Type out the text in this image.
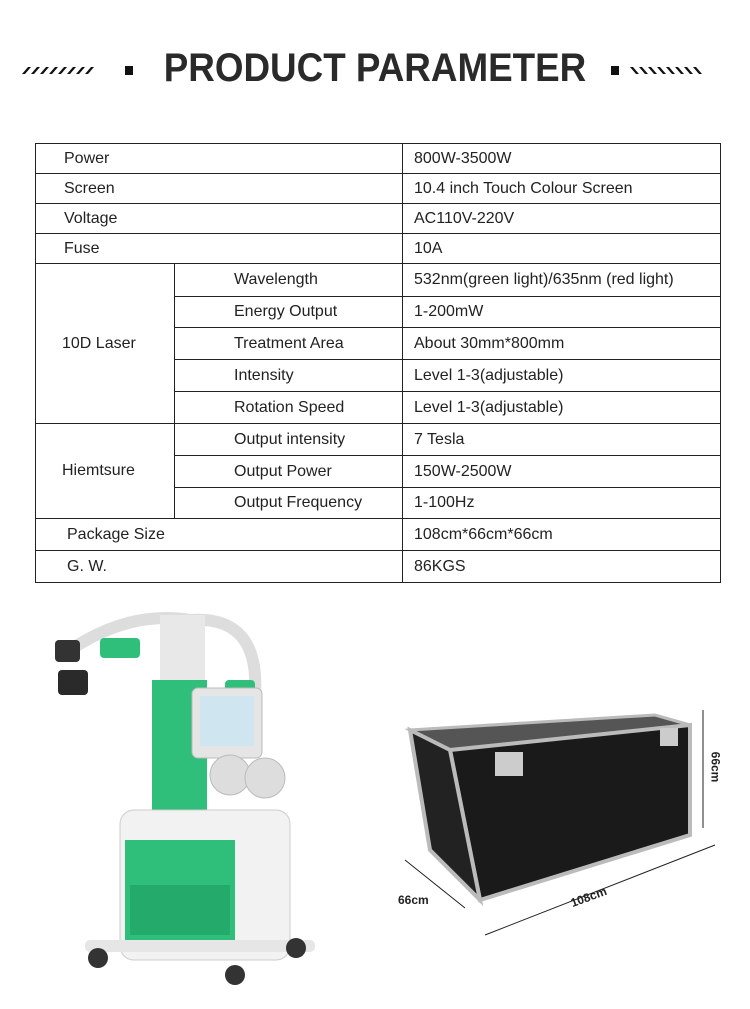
PRODUCT PARAMETER
Power		800W-3500W
Screen		10.4 inch Touch Colour Screen
Voltage		AC110V-220V
Fuse		10A
10D Laser	Wavelength	532nm(green light)/635nm (red light)
	Energy Output	1-200mW
	Treatment Area	About 30mm*800mm
	Intensity	Level 1-3(adjustable)
	Rotation Speed	Level 1-3(adjustable)
Hiemtsure	Output intensity	7 Tesla
	Output Power	150W-2500W
	Output Frequency	1-100Hz
Package Size		108cm*66cm*66cm
G. W.		86KGS
66cm
108cm
66cm
